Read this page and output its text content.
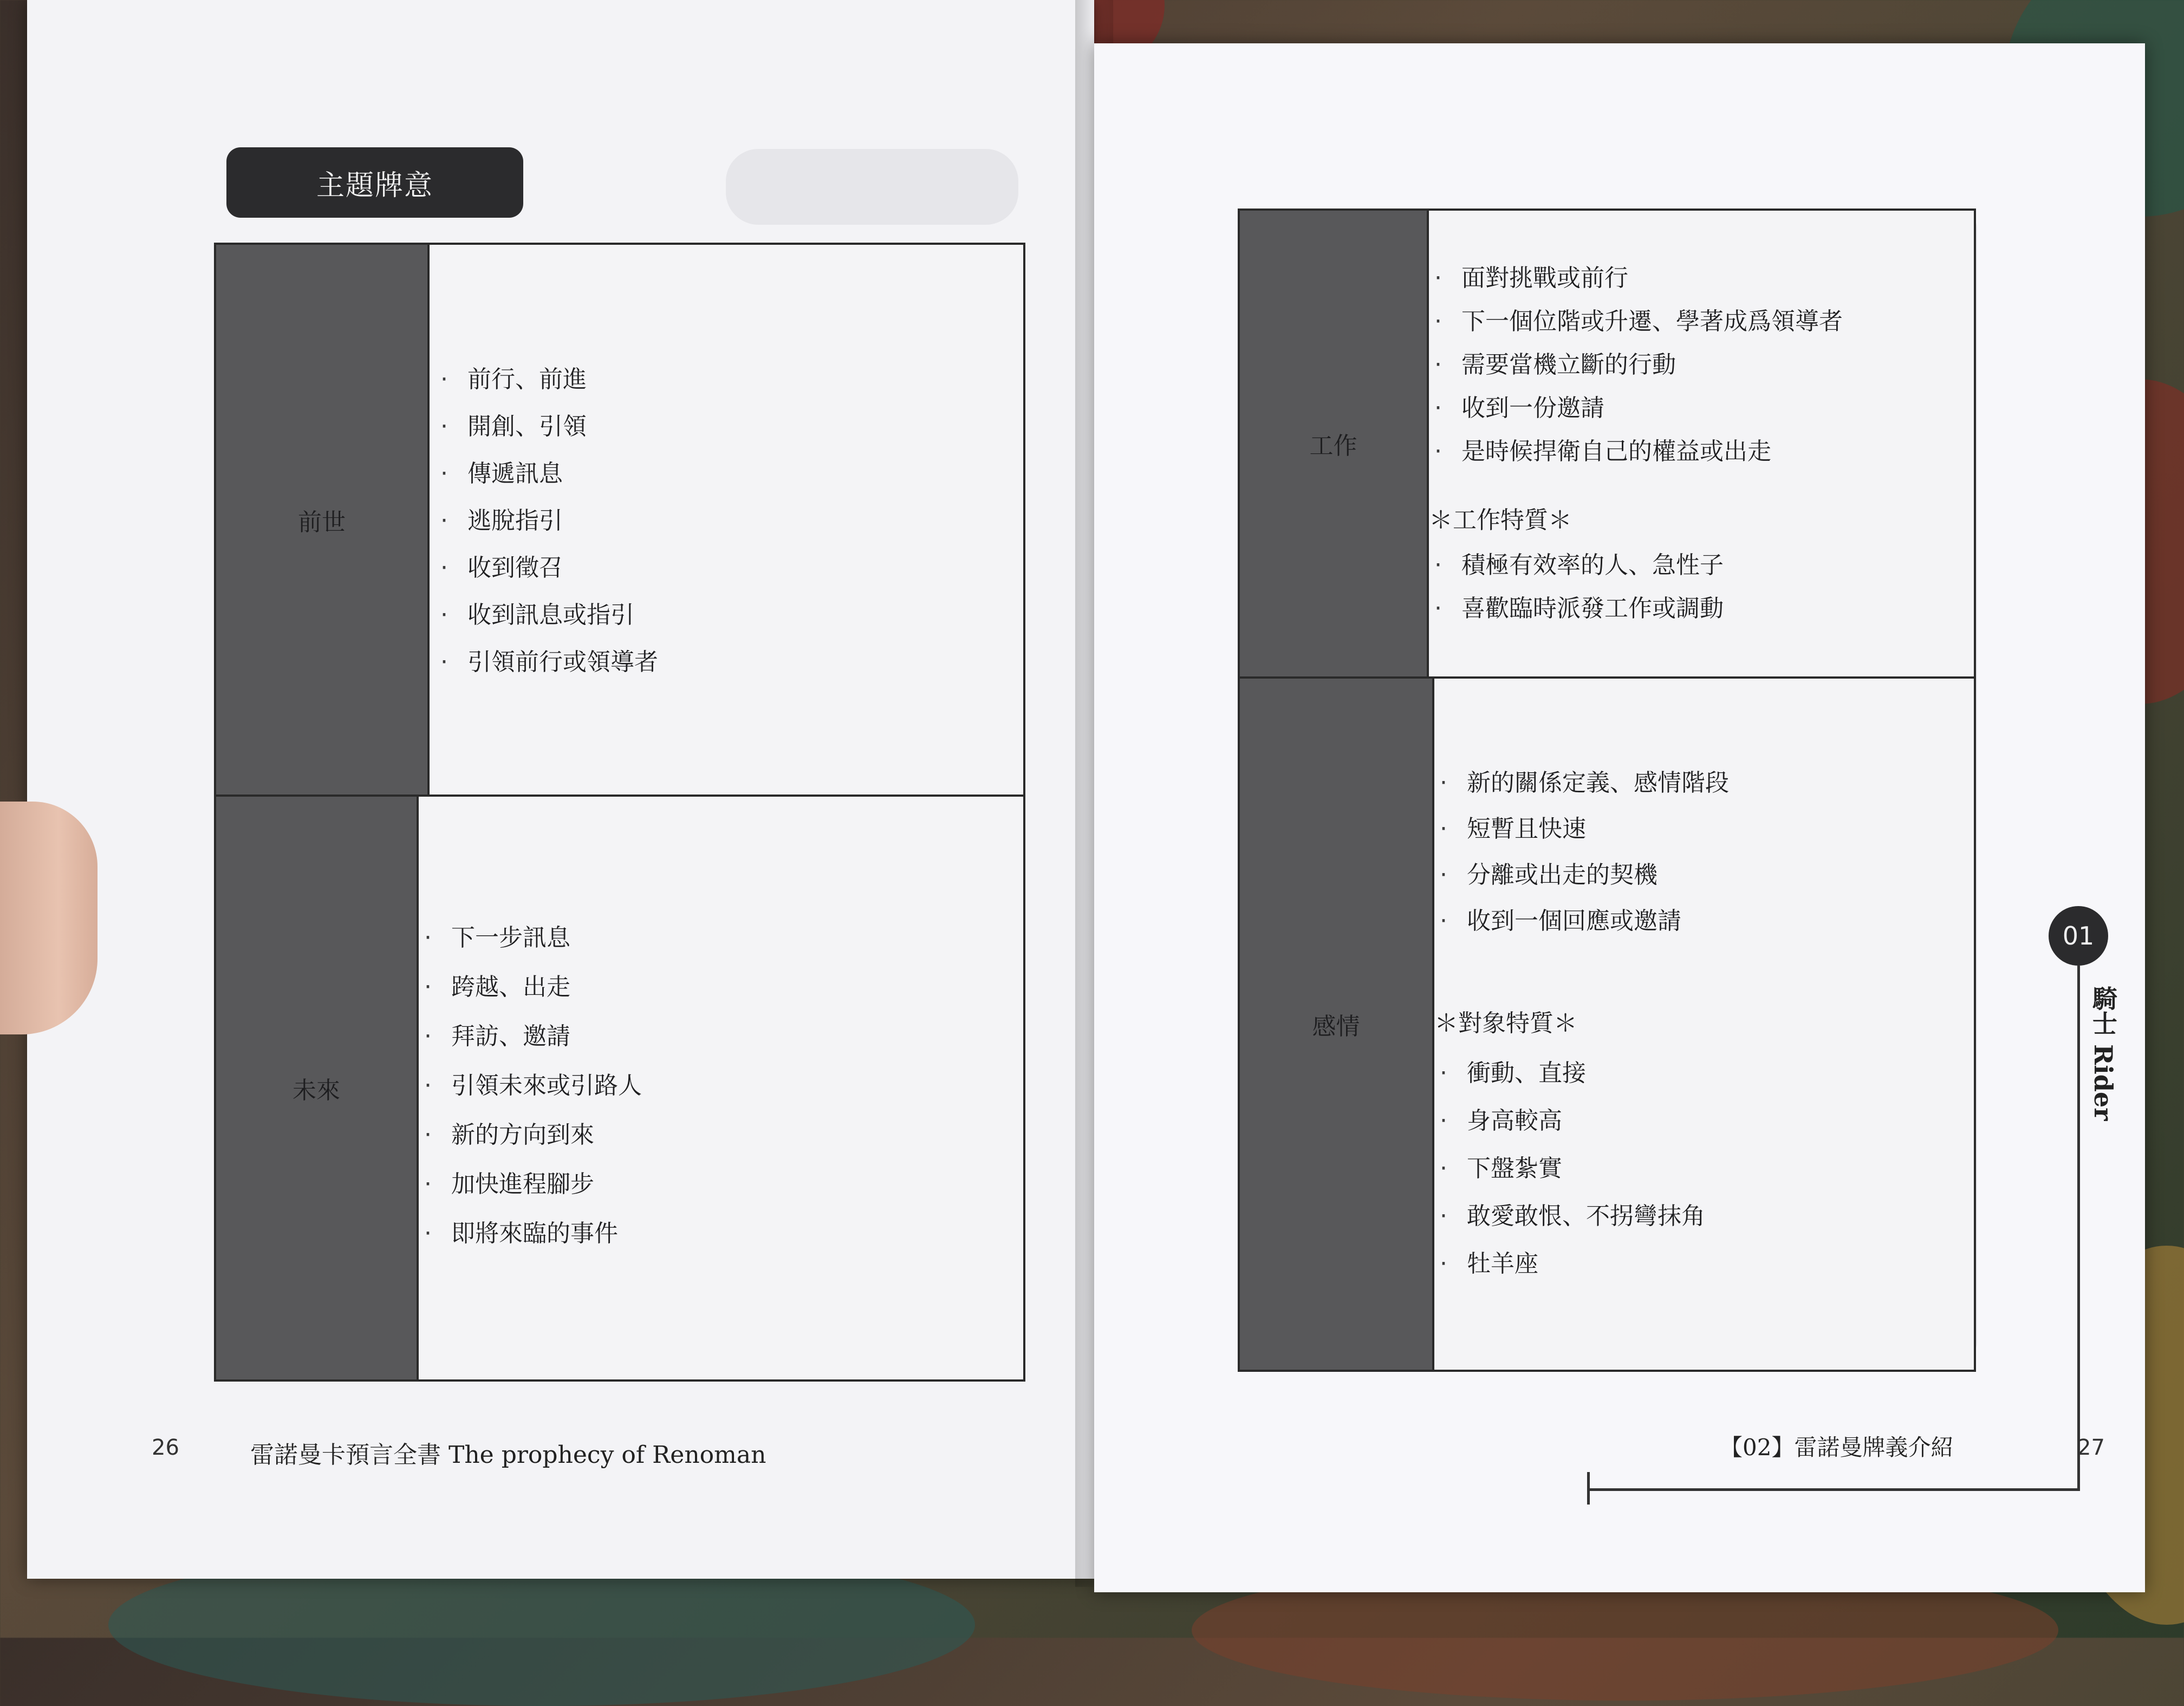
主題牌意
前世
· 前行、前進
· 開創、引領
· 傳遞訊息
· 逃脫指引
· 收到徵召
· 收到訊息或指引
· 引領前行或領導者
未來
· 下一步訊息
· 跨越、出走
· 拜訪、邀請
· 引領未來或引路人
· 新的方向到來
· 加快進程腳步
· 即將來臨的事件
26	雷諾曼卡預言全書 The prophecy of Renoman
工作
· 面對挑戰或前行
· 下一個位階或升遷、學著成爲領導者
· 需要當機立斷的行動
· 收到一份邀請
· 是時候捍衛自己的權益或出走
＊工作特質＊
· 積極有效率的人、急性子
· 喜歡臨時派發工作或調動
感情
· 新的關係定義、感情階段
· 短暫且快速
· 分離或出走的契機
· 收到一個回應或邀請
＊對象特質＊
· 衝動、直接
· 身高較高
· 下盤紮實
· 敢愛敢恨、不拐彎抹角
· 牡羊座
01
騎士 Rider
【02】雷諾曼牌義介紹	27
